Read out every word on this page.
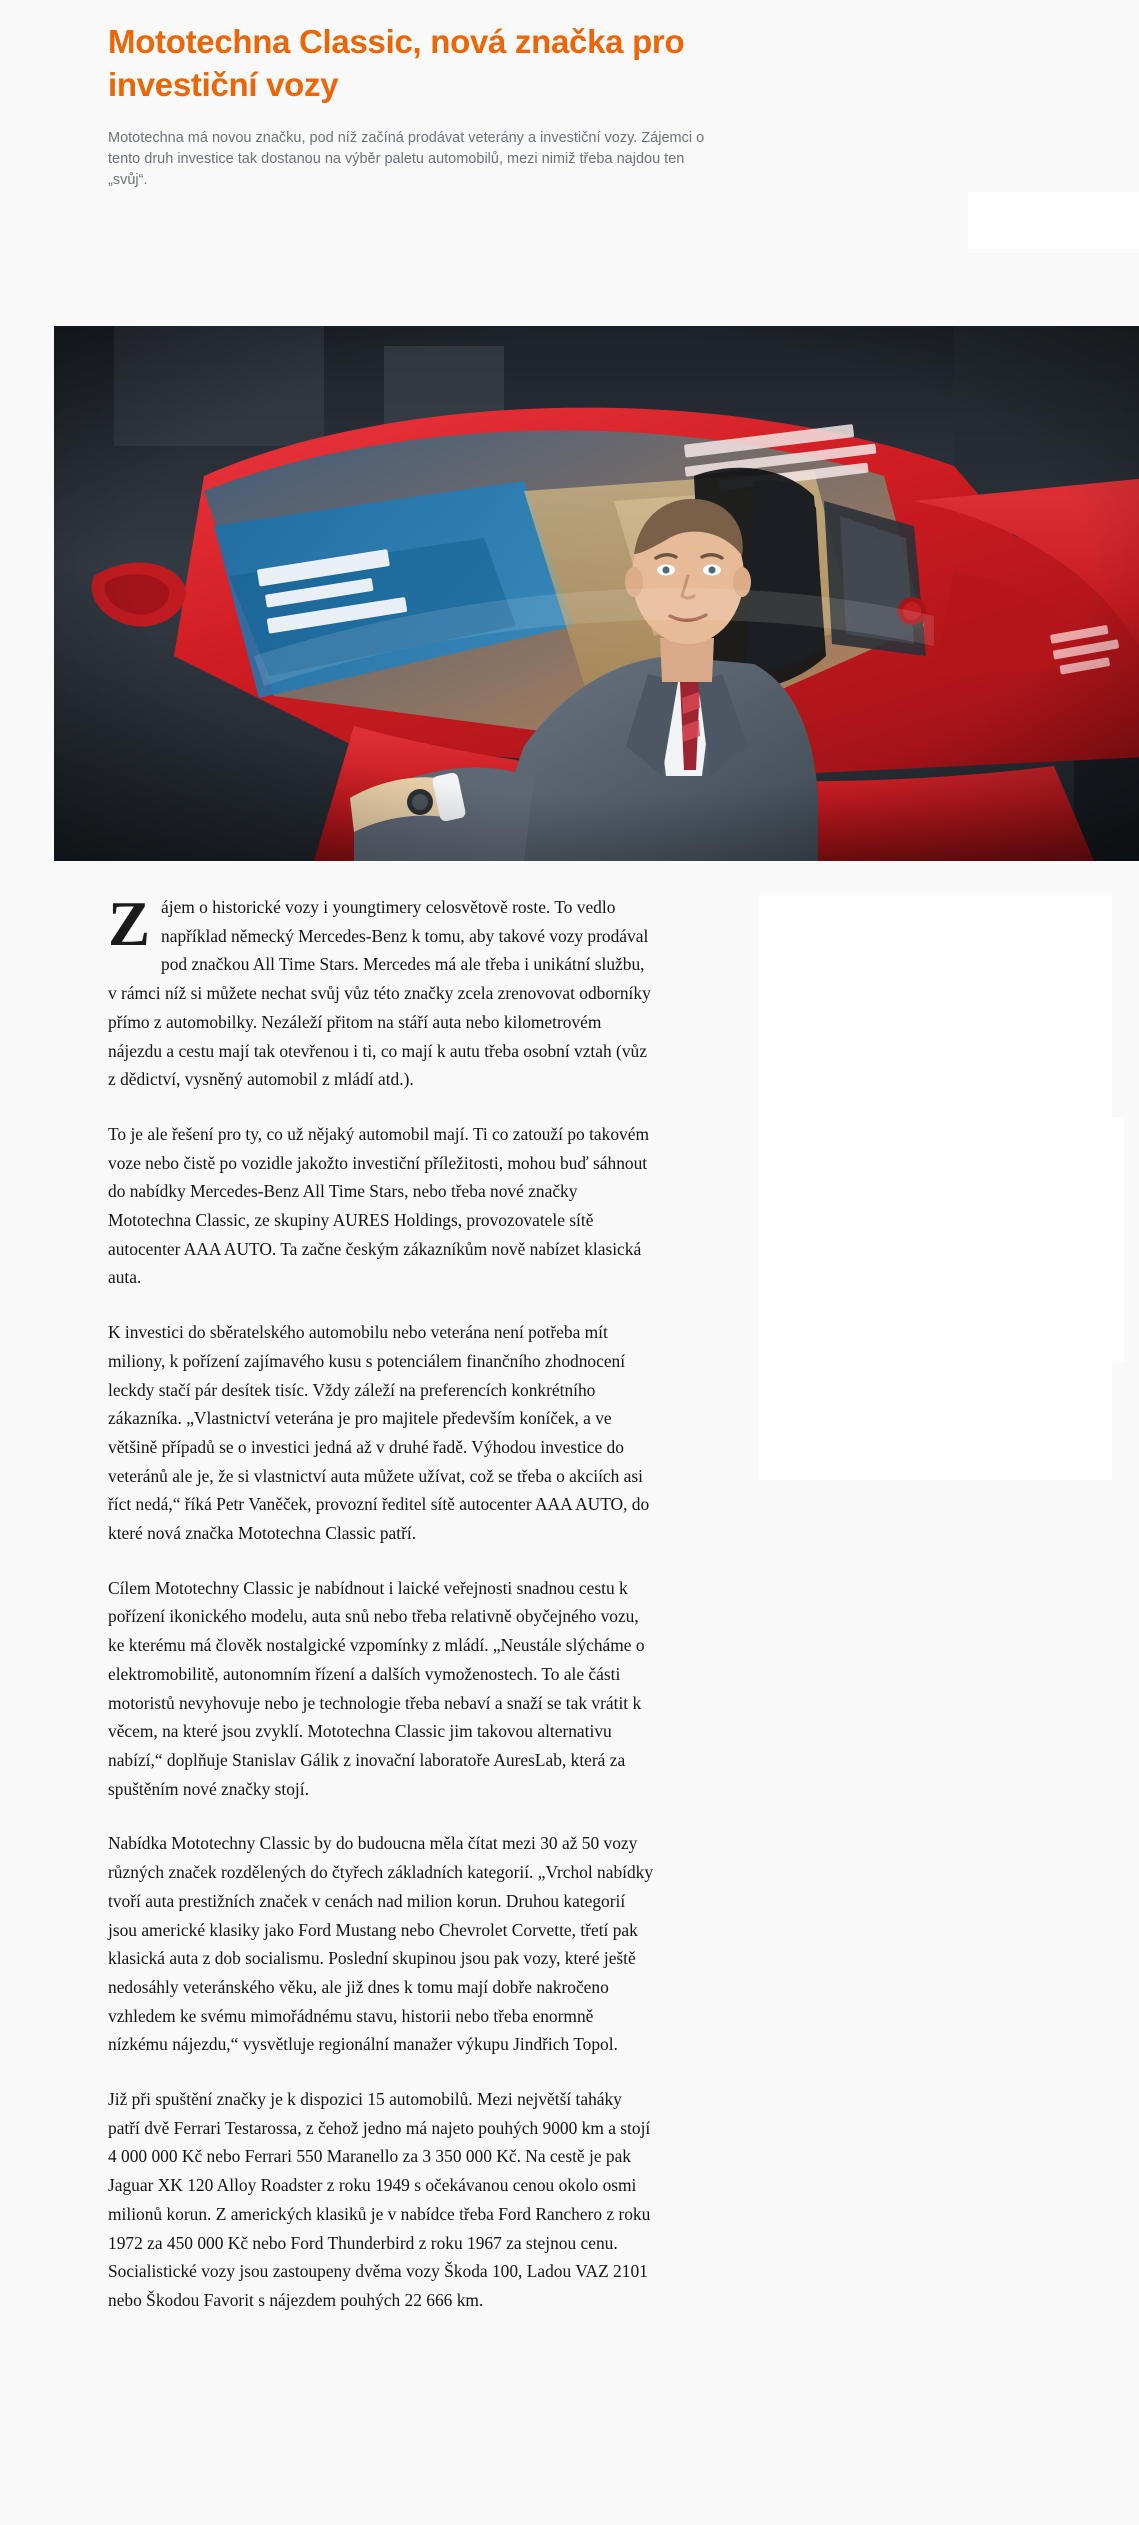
Mototechna Classic, nová značka pro investiční vozy

Mototechna má novou značku, pod níž začíná prodávat veterány a investiční vozy. Zájemci o tento druh investice tak dostanou na výběr paletu automobilů, mezi nimiž třeba najdou ten „svůj“.

Zájem o historické vozy i youngtimery celosvětově roste. To vedlo například německý Mercedes-Benz k tomu, aby takové vozy prodával pod značkou All Time Stars. Mercedes má ale třeba i unikátní službu, v rámci níž si můžete nechat svůj vůz této značky zcela zrenovovat odborníky přímo z automobilky. Nezáleží přitom na stáří auta nebo kilometrovém nájezdu a cestu mají tak otevřenou i ti, co mají k autu třeba osobní vztah (vůz z dědictví, vysněný automobil z mládí atd.).

To je ale řešení pro ty, co už nějaký automobil mají. Ti co zatouží po takovém voze nebo čistě po vozidle jakožto investiční příležitosti, mohou buď sáhnout do nabídky Mercedes-Benz All Time Stars, nebo třeba nové značky Mototechna Classic, ze skupiny AURES Holdings, provozovatele sítě autocenter AAA AUTO. Ta začne českým zákazníkům nově nabízet klasická auta.

K investici do sběratelského automobilu nebo veterána není potřeba mít miliony, k pořízení zajímavého kusu s potenciálem finančního zhodnocení leckdy stačí pár desítek tisíc. Vždy záleží na preferencích konkrétního zákazníka. „Vlastnictví veterána je pro majitele především koníček, a ve většině případů se o investici jedná až v druhé řadě. Výhodou investice do veteránů ale je, že si vlastnictví auta můžete užívat, což se třeba o akciích asi říct nedá,“ říká Petr Vaněček, provozní ředitel sítě autocenter AAA AUTO, do které nová značka Mototechna Classic patří.

Cílem Mototechny Classic je nabídnout i laické veřejnosti snadnou cestu k pořízení ikonického modelu, auta snů nebo třeba relativně obyčejného vozu, ke kterému má člověk nostalgické vzpomínky z mládí. „Neustále slýcháme o elektromobilitě, autonomním řízení a dalších vymoženostech. To ale části motoristů nevyhovuje nebo je technologie třeba nebaví a snaží se tak vrátit k věcem, na které jsou zvyklí. Mototechna Classic jim takovou alternativu nabízí,“ doplňuje Stanislav Gálik z inovační laboratoře AuresLab, která za spuštěním nové značky stojí.

Nabídka Mototechny Classic by do budoucna měla čítat mezi 30 až 50 vozy různých značek rozdělených do čtyřech základních kategorií. „Vrchol nabídky tvoří auta prestižních značek v cenách nad milion korun. Druhou kategorií jsou americké klasiky jako Ford Mustang nebo Chevrolet Corvette, třetí pak klasická auta z dob socialismu. Poslední skupinou jsou pak vozy, které ještě nedosáhly veteránského věku, ale již dnes k tomu mají dobře nakročeno vzhledem ke svému mimořádnému stavu, historii nebo třeba enormně nízkému nájezdu,“ vysvětluje regionální manažer výkupu Jindřich Topol.

Již při spuštění značky je k dispozici 15 automobilů. Mezi největší taháky patří dvě Ferrari Testarossa, z čehož jedno má najeto pouhých 9000 km a stojí 4 000 000 Kč nebo Ferrari 550 Maranello za 3 350 000 Kč. Na cestě je pak Jaguar XK 120 Alloy Roadster z roku 1949 s očekávanou cenou okolo osmi milionů korun. Z amerických klasiků je v nabídce třeba Ford Ranchero z roku 1972 za 450 000 Kč nebo Ford Thunderbird z roku 1967 za stejnou cenu. Socialistické vozy jsou zastoupeny dvěma vozy Škoda 100, Ladou VAZ 2101 nebo Škodou Favorit s nájezdem pouhých 22 666 km.
